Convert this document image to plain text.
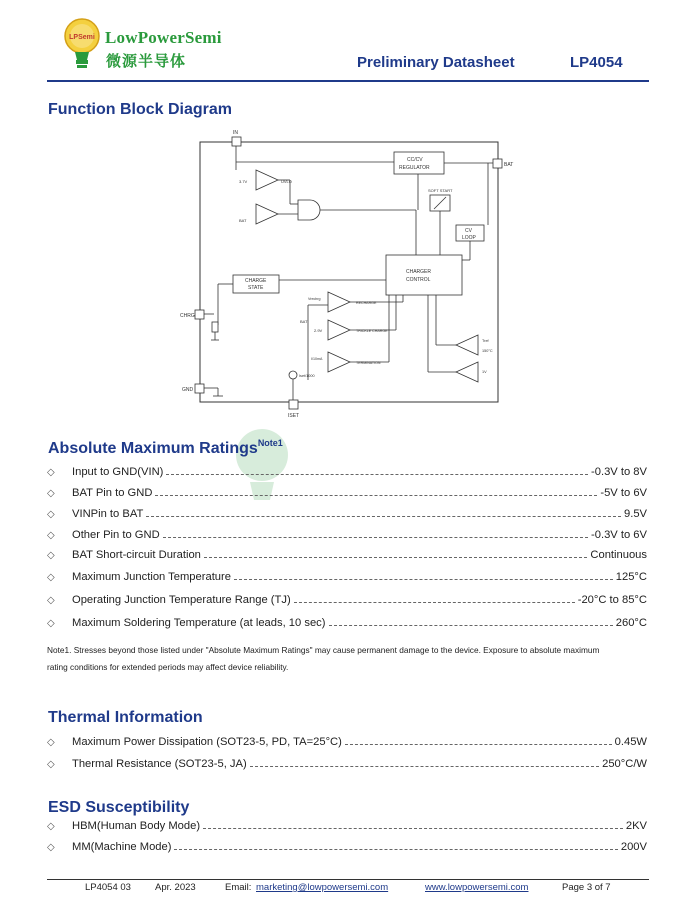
LPSemi LowPowerSemi
微源半导体	Preliminary Datasheet	LP4054
Function Block Diagram
IN
BAT
CHRG
GND
ISET
CC/CV
REGULATOR
SOFT START
CV
LOOP
CHARGER
CONTROL
CHARGE
STATE
3.7V	UVLO
BAT
Vrechrg
RECHARGE
BAT
2.9V	TRICKLE CHARGE
I/10mA
TERMINATION
Iset/1000
Tref
150°C
1V
Absolute Maximum Ratings$^{Note1}$
◇	Input to GND(VIN)	-0.3V to 8V
◇	BAT Pin to GND	-5V to 6V
◇	VINPin to BAT	9.5V
◇	Other Pin to GND	-0.3V to 6V
◇	BAT Short-circuit Duration	Continuous
◇	Maximum Junction Temperature	125°C
◇	Operating Junction Temperature Range (TJ)	-20°C to 85°C
◇	Maximum Soldering Temperature (at leads, 10 sec)	260°C
Note1. Stresses beyond those listed under "Absolute Maximum Ratings" may cause permanent damage to the device. Exposure to absolute maximum
rating conditions for extended periods may affect device reliability.
Thermal Information
◇	Maximum Power Dissipation (SOT23-5, PD, TA=25°C)	0.45W
◇	Thermal Resistance (SOT23-5, JA)	250°C/W
ESD Susceptibility
◇	HBM(Human Body Mode)	2KV
◇	MM(Machine Mode)	200V
LP4054 03	Apr. 2023	Email: marketing@lowpowersemi.com	www.lowpowersemi.com	Page 3 of 7
